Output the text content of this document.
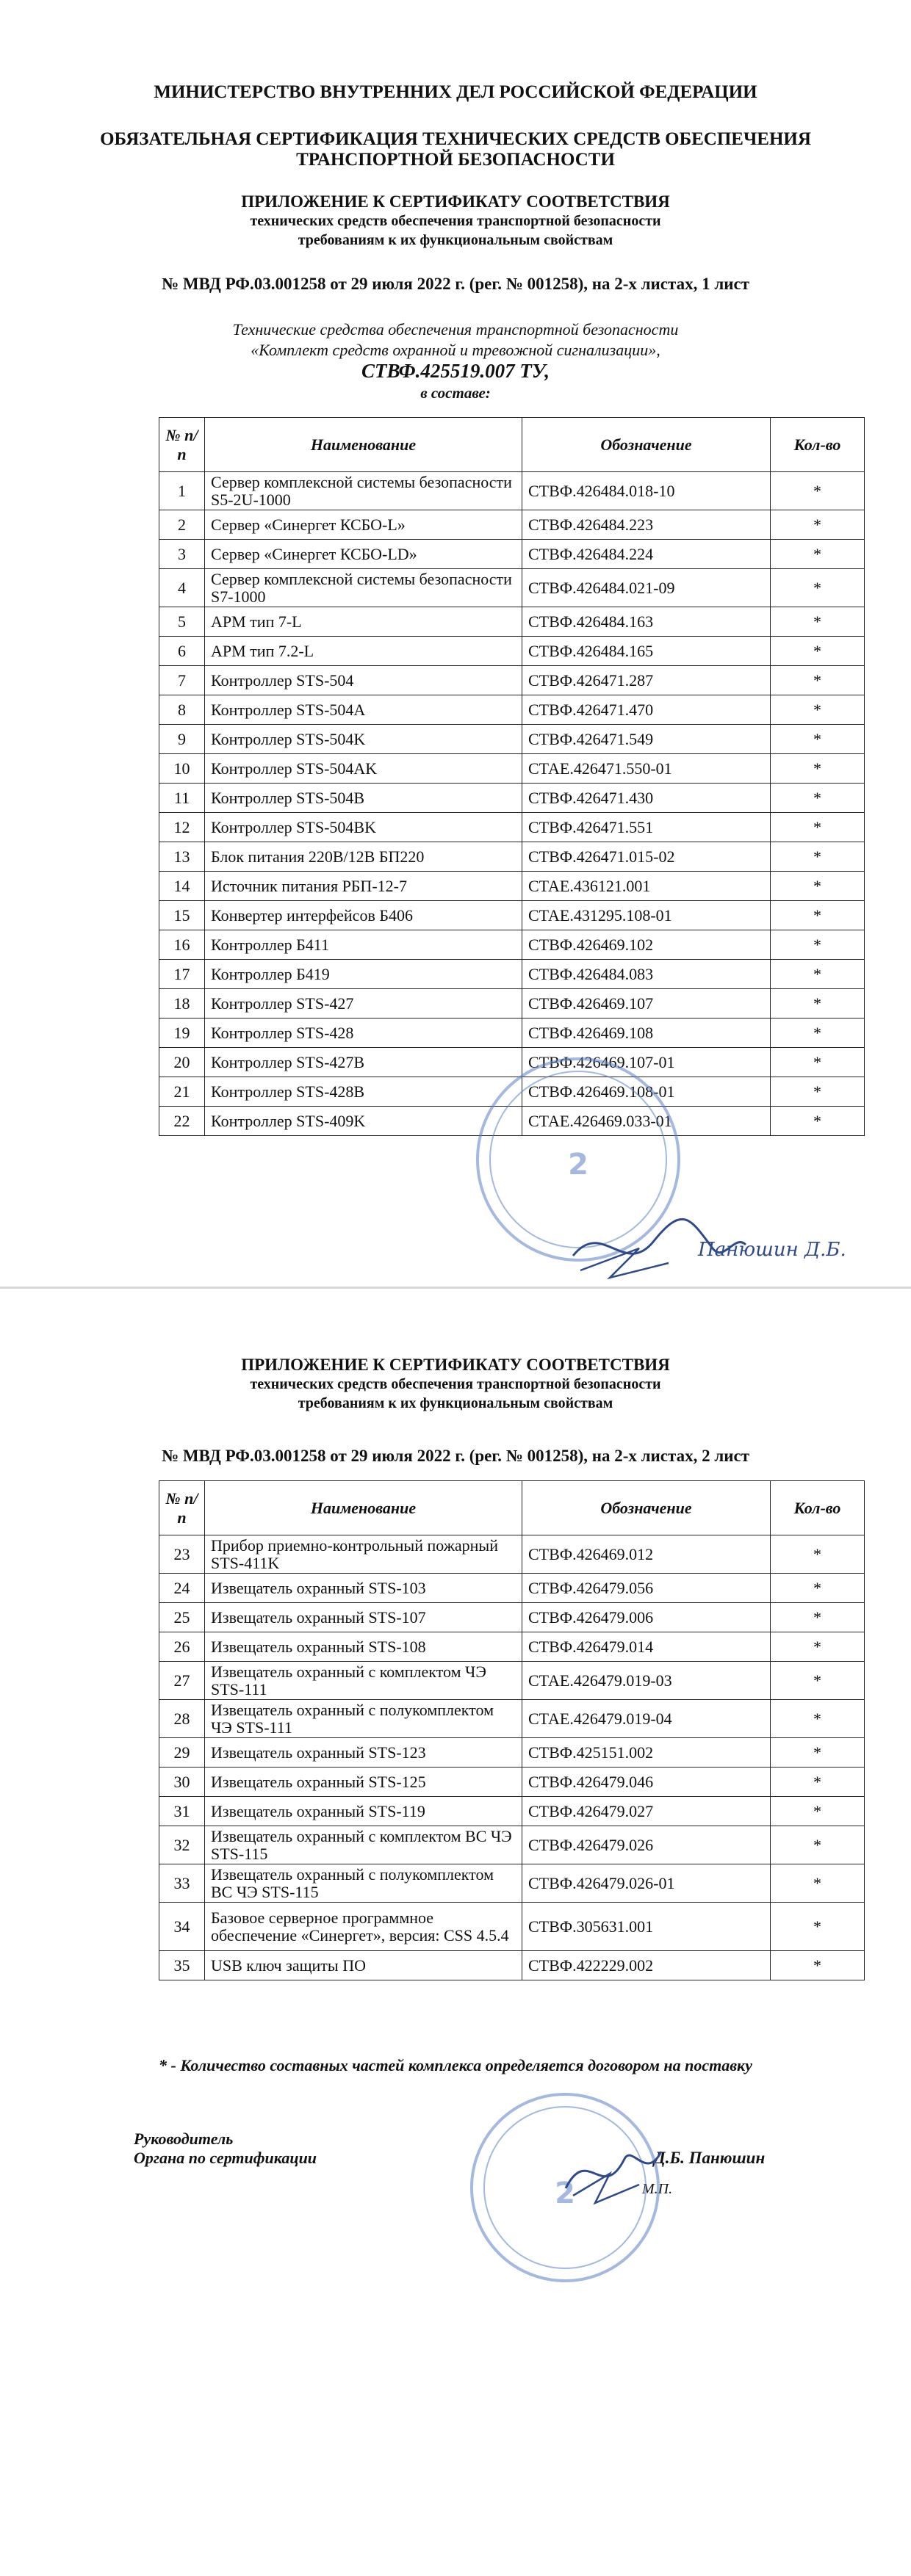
МИНИСТЕРСТВО ВНУТРЕННИХ ДЕЛ РОССИЙСКОЙ ФЕДЕРАЦИИ
ОБЯЗАТЕЛЬНАЯ СЕРТИФИКАЦИЯ ТЕХНИЧЕСКИХ СРЕДСТВ ОБЕСПЕЧЕНИЯ
ТРАНСПОРТНОЙ БЕЗОПАСНОСТИ
ПРИЛОЖЕНИЕ К СЕРТИФИКАТУ СООТВЕТСТВИЯ
технических средств обеспечения транспортной безопасности
требованиям к их функциональным свойствам
№ МВД РФ.03.001258 от 29 июля 2022 г. (рег. № 001258), на 2-х листах, 1 лист
Технические средства обеспечения транспортной безопасности
«Комплект средств охранной и тревожной сигнализации»,
СТВФ.425519.007 ТУ,
в составе:
№ п/п	Наименование	Обозначение	Кол-во
1	Сервер комплексной системы безопасности S5-2U-1000	СТВФ.426484.018-10	*
2	Сервер «Синергет КСБО-L»	СТВФ.426484.223	*
3	Сервер «Синергет КСБО-LD»	СТВФ.426484.224	*
4	Сервер комплексной системы безопасности S7-1000	СТВФ.426484.021-09	*
5	АРМ тип 7-L	СТВФ.426484.163	*
6	АРМ тип 7.2-L	СТВФ.426484.165	*
7	Контроллер STS-504	СТВФ.426471.287	*
8	Контроллер STS-504A	СТВФ.426471.470	*
9	Контроллер STS-504K	СТВФ.426471.549	*
10	Контроллер STS-504AK	СТАЕ.426471.550-01	*
11	Контроллер STS-504B	СТВФ.426471.430	*
12	Контроллер STS-504BK	СТВФ.426471.551	*
13	Блок питания 220В/12В БП220	СТВФ.426471.015-02	*
14	Источник питания РБП-12-7	СТАЕ.436121.001	*
15	Конвертер интерфейсов Б406	СТАЕ.431295.108-01	*
16	Контроллер Б411	СТВФ.426469.102	*
17	Контроллер Б419	СТВФ.426484.083	*
18	Контроллер STS-427	СТВФ.426469.107	*
19	Контроллер STS-428	СТВФ.426469.108	*
20	Контроллер STS-427B	СТВФ.426469.107-01	*
21	Контроллер STS-428B	СТВФ.426469.108-01	*
22	Контроллер STS-409K	СТАЕ.426469.033-01	*
2
Панюшин Д.Б.
ПРИЛОЖЕНИЕ К СЕРТИФИКАТУ СООТВЕТСТВИЯ
технических средств обеспечения транспортной безопасности
требованиям к их функциональным свойствам
№ МВД РФ.03.001258 от 29 июля 2022 г. (рег. № 001258), на 2-х листах, 2 лист
№ п/п	Наименование	Обозначение	Кол-во
23	Прибор приемно-контрольный пожарный STS-411K	СТВФ.426469.012	*
24	Извещатель охранный STS-103	СТВФ.426479.056	*
25	Извещатель охранный STS-107	СТВФ.426479.006	*
26	Извещатель охранный STS-108	СТВФ.426479.014	*
27	Извещатель охранный с комплектом ЧЭ STS-111	СТАЕ.426479.019-03	*
28	Извещатель охранный с полукомплектом ЧЭ STS-111	СТАЕ.426479.019-04	*
29	Извещатель охранный STS-123	СТВФ.425151.002	*
30	Извещатель охранный STS-125	СТВФ.426479.046	*
31	Извещатель охранный STS-119	СТВФ.426479.027	*
32	Извещатель охранный с комплектом ВС ЧЭ STS-115	СТВФ.426479.026	*
33	Извещатель охранный с полукомплектом ВС ЧЭ STS-115	СТВФ.426479.026-01	*
34	Базовое серверное программное обеспечение «Синергет», версия: CSS 4.5.4	СТВФ.305631.001	*
35	USB ключ защиты ПО	СТВФ.422229.002	*
* - Количество составных частей комплекса определяется договором на поставку
Руководитель
Органа по сертификации	Д.Б. Панюшин
М.П.
2
